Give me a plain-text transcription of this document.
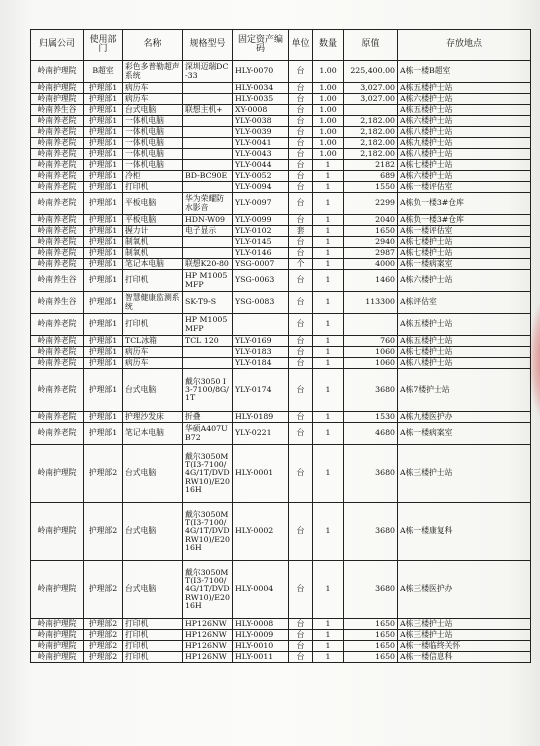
归属公司	使用部门	名称	规格型号	固定资产编码	单位	数量	原值	存放地点
岭南护理院	B超室	彩色多普勒超声系统	深圳迈瑞DC-33	HLY-0070	台	1.00	225,400.00	A栋一楼B超室
岭南护理院	护理部1	病历车		HLY-0034	台	1.00	3,027.00	A栋五楼护士站
岭南护理院	护理部1	病历车		HLY-0035	台	1.00	3,027.00	A栋六楼护士站
岭南养生谷	护理部1	台式电脑	联想主机+	XY-0008	台	1.00		A栋五楼护士站
岭南养老院	护理部1	一体机电脑		YLY-0038	台	1.00	2,182.00	A栋六楼护士站
岭南养老院	护理部1	一体机电脑		YLY-0039	台	1.00	2,182.00	A栋八楼护士站
岭南养老院	护理部1	一体机电脑		YLY-0041	台	1.00	2,182.00	A栋九楼护士站
岭南养老院	护理部1	一体机电脑		YLY-0043	台	1.00	2,182.00	A栋八楼护士站
岭南养老院	护理部1	一体机电脑		YLY-0044	台	1	2182	A栋七楼护士站
岭南养老院	护理部1	冷柜	BD-BC90E	YLY-0052	台	1	689	A栋六楼护士站
岭南养老院	护理部1	打印机		YLY-0094	台	1	1550	A栋一楼评估室
岭南养老院	护理部1	平板电脑	华为荣耀防水影音	YLY-0097	台	1	2299	A栋负一楼3#仓库
岭南养老院	护理部1	平板电脑	HDN-W09	YLY-0099	台	1	2040	A栋负一楼3#仓库
岭南养老院	护理部1	握力计	电子显示	YLY-0102	套	1	1650	A栋一楼评估室
岭南养老院	护理部1	制氧机		YLY-0145	台	1	2940	A栋七楼护士站
岭南养老院	护理部1	制氧机		YLY-0146	台	1	2987	A栋七楼护士站
岭南养老院	护理部1	笔记本电脑	联想K20-80	YSG-0007	个	1	4000	A栋一楼病案室
岭南养生谷	护理部1	打印机	HP M1005MFP	YSG-0063	台	1	1460	A栋六楼护士站
岭南养生谷	护理部1	智慧健康监测系统	SK-T9-S	YSG-0083	台	1	113300	A栋评估室
岭南养老院	护理部1	打印机	HP M1005MFP		台	1		A栋五楼护士站
岭南养老院	护理部1	TCL冰箱	TCL 120	YLY-0169	台	1	760	A栋五楼护士站
岭南养老院	护理部1	病历车		YLY-0183	台	1	1060	A栋七楼护士站
岭南养老院	护理部1	病历车		YLY-0184	台	1	1060	A栋八楼护士站
岭南养老院	护理部1	台式电脑	戴尔3050 I3-7100/8G/1T	YLY-0174	台	1	3680	A栋7楼护士站
岭南养老院	护理部1	护理沙发床	折叠	HLY-0189	台	1	1530	A栋九楼医护办
岭南养老院	护理部1	笔记本电脑	华硕A407UB72	YLY-0221	台	1	4680	A栋一楼病案室
岭南护理院	护理部2	台式电脑	戴尔3050MT(I3-7100/4G/1T/DVDRW10)/E2016H	HLY-0001	台	1	3680	A栋三楼护士站
岭南护理院	护理部2	台式电脑	戴尔3050MT(I3-7100/4G/1T/DVDRW10)/E2016H	HLY-0002	台	1	3680	A栋一楼康复科
岭南护理院	护理部2	台式电脑	戴尔3050MT(I3-7100/4G/1T/DVDRW10)/E2016H	HLY-0004	台	1	3680	A栋三楼医护办
岭南护理院	护理部2	打印机	HP126NW	HLY-0008	台	1	1650	A栋三楼护士站
岭南护理院	护理部2	打印机	HP126NW	HLY-0009	台	1	1650	A栋三楼护士站
岭南护理院	护理部2	打印机	HP126NW	HLY-0010	台	1	1650	A栋一楼临终关怀
岭南护理院	护理部2	打印机	HP126NW	HLY-0011	台	1	1650	A栋一楼信息科
